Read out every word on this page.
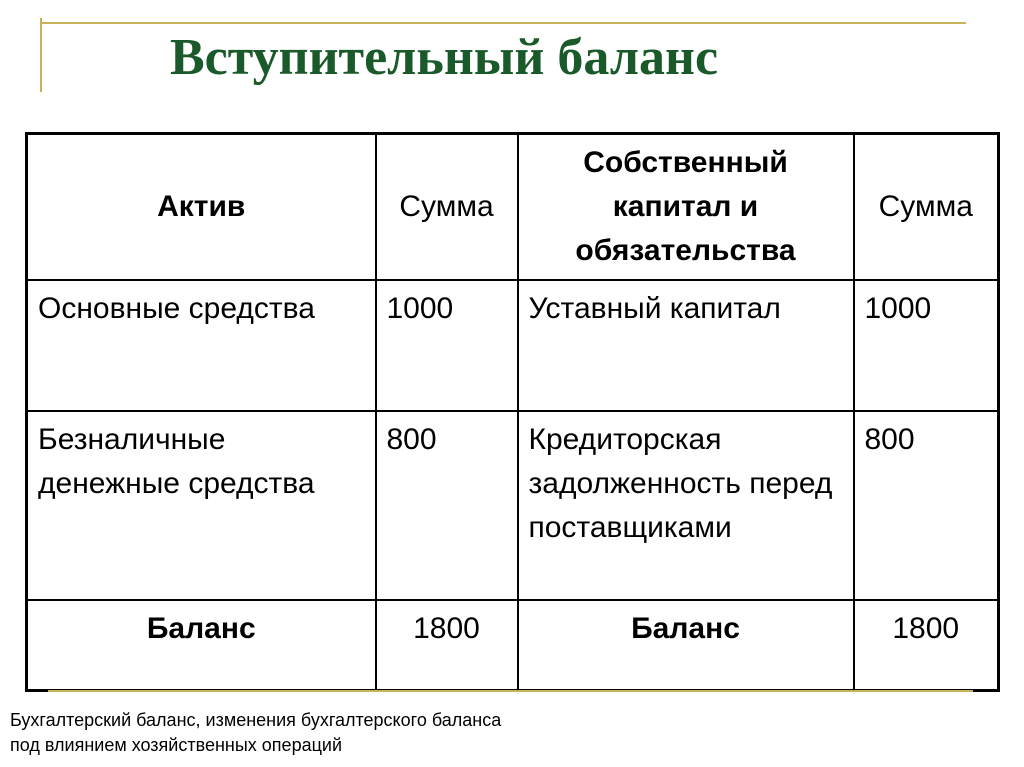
Вступительный баланс
Актив	Сумма	Собственный капитал и обязательства	Сумма
Основные средства	1000	Уставный капитал	1000
Безналичные денежные средства	800	Кредиторская задолженность перед поставщиками	800
Баланс	1800	Баланс	1800

Бухгалтерский баланс, изменения бухгалтерского баланса
под влиянием хозяйственных операций
